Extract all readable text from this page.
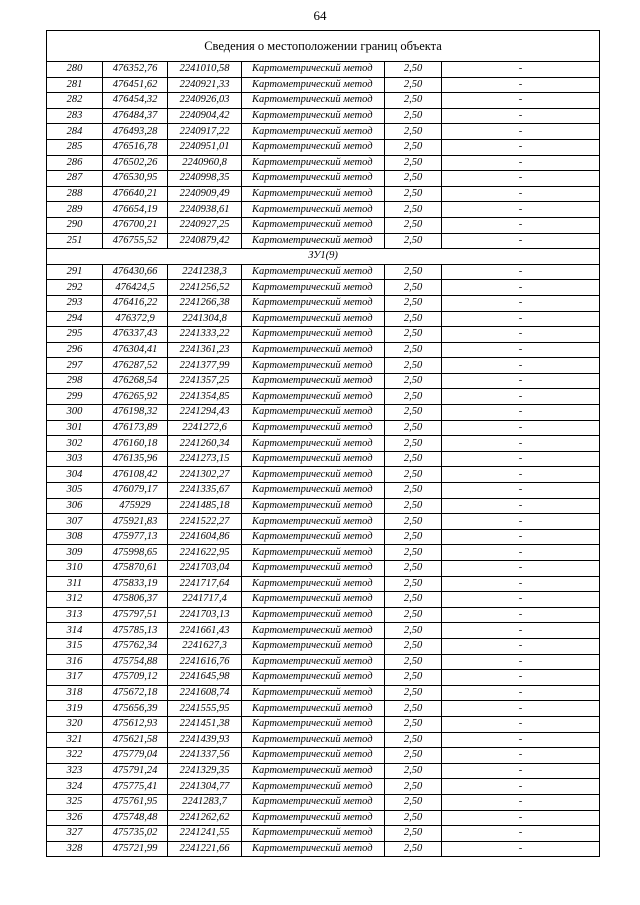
64
Сведения о местоположении границ объекта					
280	476352,76	2241010,58	Картометрический метод	2,50	-
281	476451,62	2240921,33	Картометрический метод	2,50	-
282	476454,32	2240926,03	Картометрический метод	2,50	-
283	476484,37	2240904,42	Картометрический метод	2,50	-
284	476493,28	2240917,22	Картометрический метод	2,50	-
285	476516,78	2240951,01	Картометрический метод	2,50	-
286	476502,26	2240960,8	Картометрический метод	2,50	-
287	476530,95	2240998,35	Картометрический метод	2,50	-
288	476640,21	2240909,49	Картометрический метод	2,50	-
289	476654,19	2240938,61	Картометрический метод	2,50	-
290	476700,21	2240927,25	Картометрический метод	2,50	-
251	476755,52	2240879,42	Картометрический метод	2,50	-
ЗУ1(9)					
291	476430,66	2241238,3	Картометрический метод	2,50	-
292	476424,5	2241256,52	Картометрический метод	2,50	-
293	476416,22	2241266,38	Картометрический метод	2,50	-
294	476372,9	2241304,8	Картометрический метод	2,50	-
295	476337,43	2241333,22	Картометрический метод	2,50	-
296	476304,41	2241361,23	Картометрический метод	2,50	-
297	476287,52	2241377,99	Картометрический метод	2,50	-
298	476268,54	2241357,25	Картометрический метод	2,50	-
299	476265,92	2241354,85	Картометрический метод	2,50	-
300	476198,32	2241294,43	Картометрический метод	2,50	-
301	476173,89	2241272,6	Картометрический метод	2,50	-
302	476160,18	2241260,34	Картометрический метод	2,50	-
303	476135,96	2241273,15	Картометрический метод	2,50	-
304	476108,42	2241302,27	Картометрический метод	2,50	-
305	476079,17	2241335,67	Картометрический метод	2,50	-
306	475929	2241485,18	Картометрический метод	2,50	-
307	475921,83	2241522,27	Картометрический метод	2,50	-
308	475977,13	2241604,86	Картометрический метод	2,50	-
309	475998,65	2241622,95	Картометрический метод	2,50	-
310	475870,61	2241703,04	Картометрический метод	2,50	-
311	475833,19	2241717,64	Картометрический метод	2,50	-
312	475806,37	2241717,4	Картометрический метод	2,50	-
313	475797,51	2241703,13	Картометрический метод	2,50	-
314	475785,13	2241661,43	Картометрический метод	2,50	-
315	475762,34	2241627,3	Картометрический метод	2,50	-
316	475754,88	2241616,76	Картометрический метод	2,50	-
317	475709,12	2241645,98	Картометрический метод	2,50	-
318	475672,18	2241608,74	Картометрический метод	2,50	-
319	475656,39	2241555,95	Картометрический метод	2,50	-
320	475612,93	2241451,38	Картометрический метод	2,50	-
321	475621,58	2241439,93	Картометрический метод	2,50	-
322	475779,04	2241337,56	Картометрический метод	2,50	-
323	475791,24	2241329,35	Картометрический метод	2,50	-
324	475775,41	2241304,77	Картометрический метод	2,50	-
325	475761,95	2241283,7	Картометрический метод	2,50	-
326	475748,48	2241262,62	Картометрический метод	2,50	-
327	475735,02	2241241,55	Картометрический метод	2,50	-
328	475721,99	2241221,66	Картометрический метод	2,50	-
